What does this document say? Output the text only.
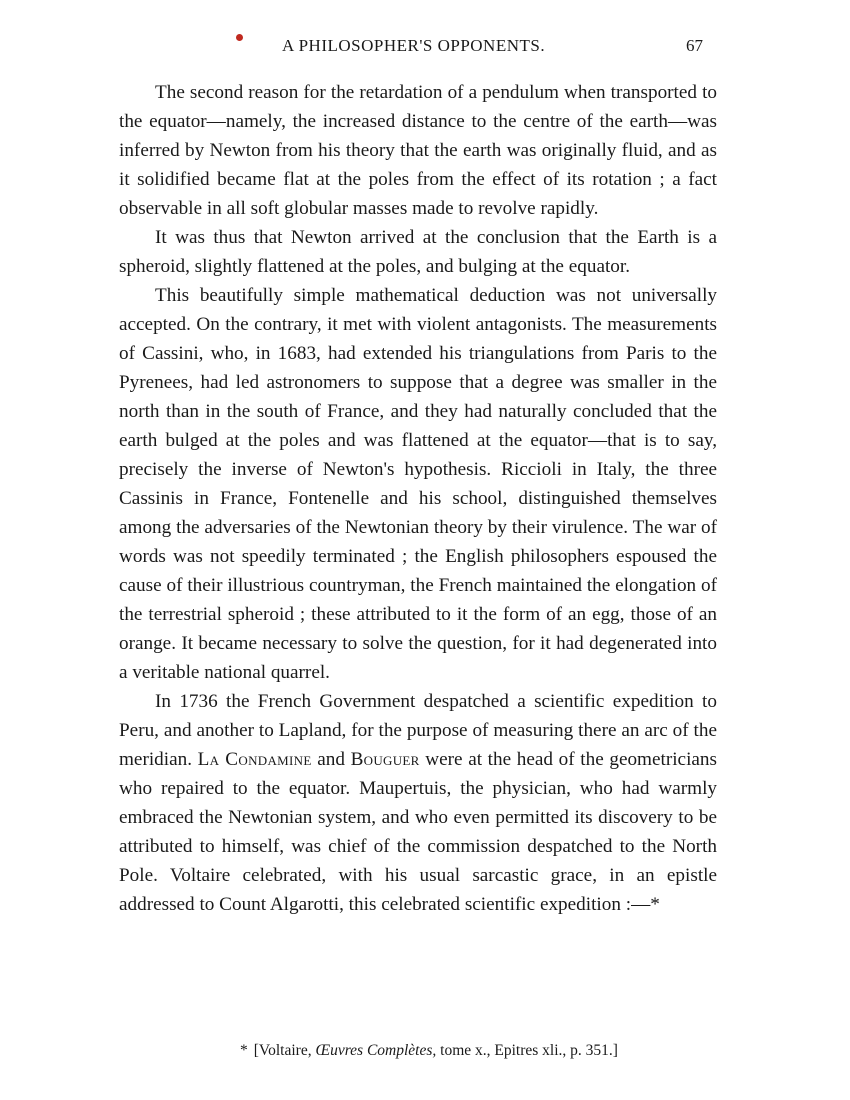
A PHILOSOPHER'S OPPONENTS.	67

The second reason for the retardation of a pendulum when transported to the equator—namely, the increased distance to the centre of the earth—was inferred by Newton from his theory that the earth was originally fluid, and as it solidified became flat at the poles from the effect of its rotation ; a fact observable in all soft globular masses made to revolve rapidly.

It was thus that Newton arrived at the conclusion that the Earth is a spheroid, slightly flattened at the poles, and bulging at the equator.

This beautifully simple mathematical deduction was not universally accepted. On the contrary, it met with violent antagonists. The measurements of Cassini, who, in 1683, had extended his triangulations from Paris to the Pyrenees, had led astronomers to suppose that a degree was smaller in the north than in the south of France, and they had naturally concluded that the earth bulged at the poles and was flattened at the equator—that is to say, precisely the inverse of Newton's hypothesis. Riccioli in Italy, the three Cassinis in France, Fontenelle and his school, distinguished themselves among the adversaries of the Newtonian theory by their virulence. The war of words was not speedily terminated ; the English philosophers espoused the cause of their illustrious countryman, the French maintained the elongation of the terrestrial spheroid ; these attributed to it the form of an egg, those of an orange. It became necessary to solve the question, for it had degenerated into a veritable national quarrel.

In 1736 the French Government despatched a scientific expedition to Peru, and another to Lapland, for the purpose of measuring there an arc of the meridian. La Condamine and Bouguer were at the head of the geometricians who repaired to the equator. Maupertuis, the physician, who had warmly embraced the Newtonian system, and who even permitted its discovery to be attributed to himself, was chief of the commission despatched to the North Pole. Voltaire celebrated, with his usual sarcastic grace, in an epistle addressed to Count Algarotti, this celebrated scientific expedition :—*

* [Voltaire, Œuvres Complètes, tome x., Epitres xli., p. 351.]
